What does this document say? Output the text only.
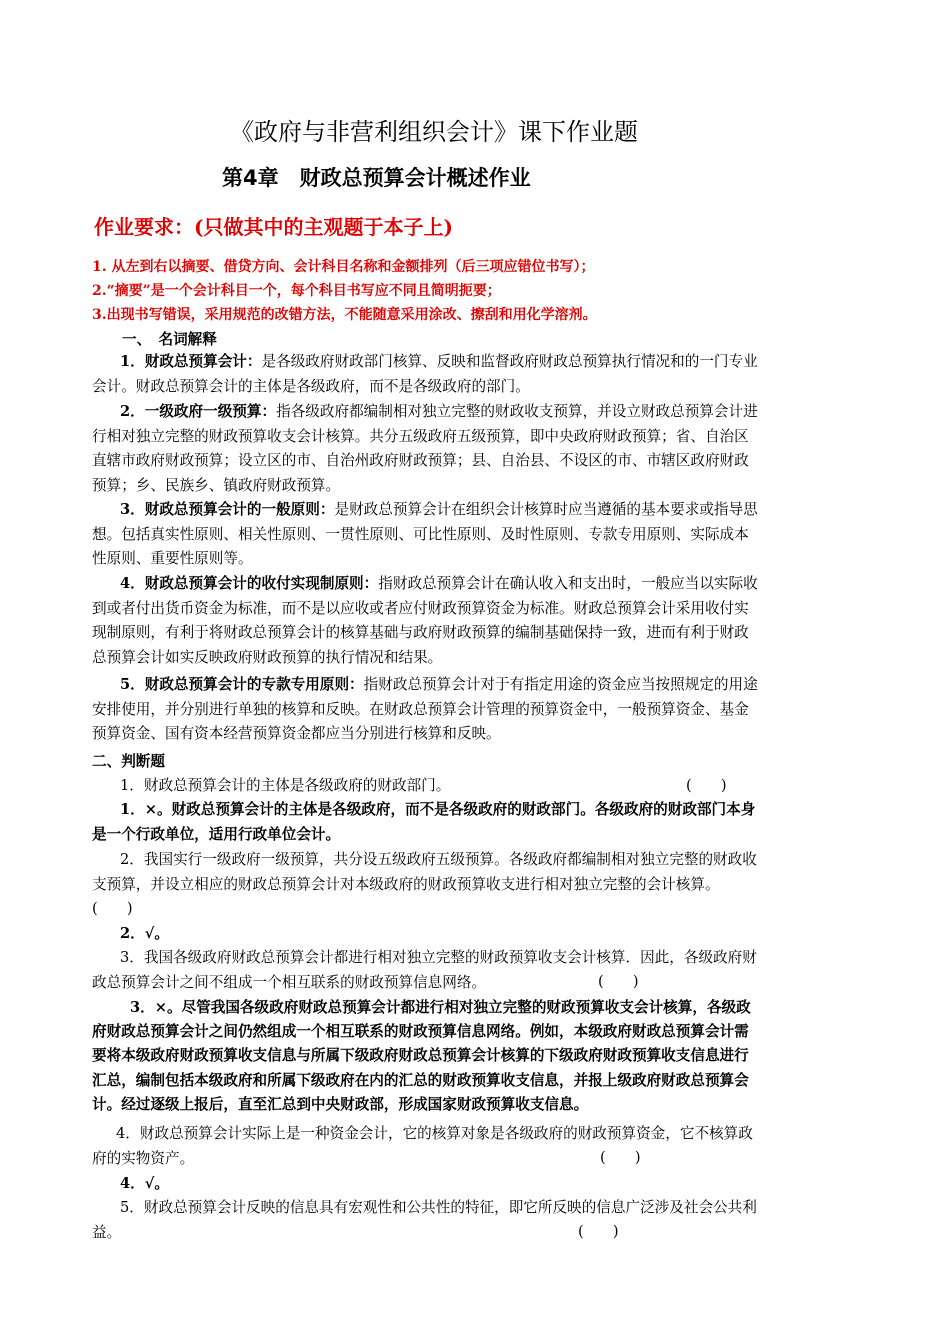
《政府与非营利组织会计》课下作业题
第4章　财政总预算会计概述作业
作业要求：(只做其中的主观题于本子上)
1. 从左到右以摘要、借贷方向、会计科目名称和金额排列（后三项应错位书写）；
2.“摘要”是一个会计科目一个，每个科目书写应不同且简明扼要；
3.出现书写错误，采用规范的改错方法，不能随意采用涂改、擦刮和用化学溶剂。
一、　名词解释
1．财政总预算会计：是各级政府财政部门核算、反映和监督政府财政总预算执行情况和的一门专业
会计。财政总预算会计的主体是各级政府，而不是各级政府的部门。
2．一级政府一级预算：指各级政府都编制相对独立完整的财政收支预算，并设立财政总预算会计进
行相对独立完整的财政预算收支会计核算。共分五级政府五级预算，即中央政府财政预算；省、自治区
直辖市政府财政预算；设立区的市、自治州政府财政预算；县、自治县、不设区的市、市辖区政府财政
预算；乡、民族乡、镇政府财政预算。
3．财政总预算会计的一般原则：是财政总预算会计在组织会计核算时应当遵循的基本要求或指导思
想。包括真实性原则、相关性原则、一贯性原则、可比性原则、及时性原则、专款专用原则、实际成本
性原则、重要性原则等。
4．财政总预算会计的收付实现制原则：指财政总预算会计在确认收入和支出时，一般应当以实际收
到或者付出货币资金为标准，而不是以应收或者应付财政预算资金为标准。财政总预算会计采用收付实
现制原则，有利于将财政总预算会计的核算基础与政府财政预算的编制基础保持一致，进而有利于财政
总预算会计如实反映政府财政预算的执行情况和结果。
5．财政总预算会计的专款专用原则：指财政总预算会计对于有指定用途的资金应当按照规定的用途
安排使用，并分别进行单独的核算和反映。在财政总预算会计管理的预算资金中，一般预算资金、基金
预算资金、国有资本经营预算资金都应当分别进行核算和反映。
二、判断题
1．财政总预算会计的主体是各级政府的财政部门。	(　　)
1．×。财政总预算会计的主体是各级政府，而不是各级政府的财政部门。各级政府的财政部门本身
是一个行政单位，适用行政单位会计。
2．我国实行一级政府一级预算，共分设五级政府五级预算。各级政府都编制相对独立完整的财政收
支预算，并设立相应的财政总预算会计对本级政府的财政预算收支进行相对独立完整的会计核算。
(　　)
2．√。
3．我国各级政府财政总预算会计都进行相对独立完整的财政预算收支会计核算．因此，各级政府财
政总预算会计之间不组成一个相互联系的财政预算信息网络。	(　　)
3．×。尽管我国各级政府财政总预算会计都进行相对独立完整的财政预算收支会计核算，各级政
府财政总预算会计之间仍然组成一个相互联系的财政预算信息网络。例如，本级政府财政总预算会计需
要将本级政府财政预算收支信息与所属下级政府财政总预算会计核算的下级政府财政预算收支信息进行
汇总，编制包括本级政府和所属下级政府在内的汇总的财政预算收支信息，并报上级政府财政总预算会
计。经过逐级上报后，直至汇总到中央财政部，形成国家财政预算收支信息。
4．财政总预算会计实际上是一种资金会计，它的核算对象是各级政府的财政预算资金，它不核算政
府的实物资产。	(　　)
4．√。
5．财政总预算会计反映的信息具有宏观性和公共性的特征，即它所反映的信息广泛涉及社会公共利
益。	(　　)
